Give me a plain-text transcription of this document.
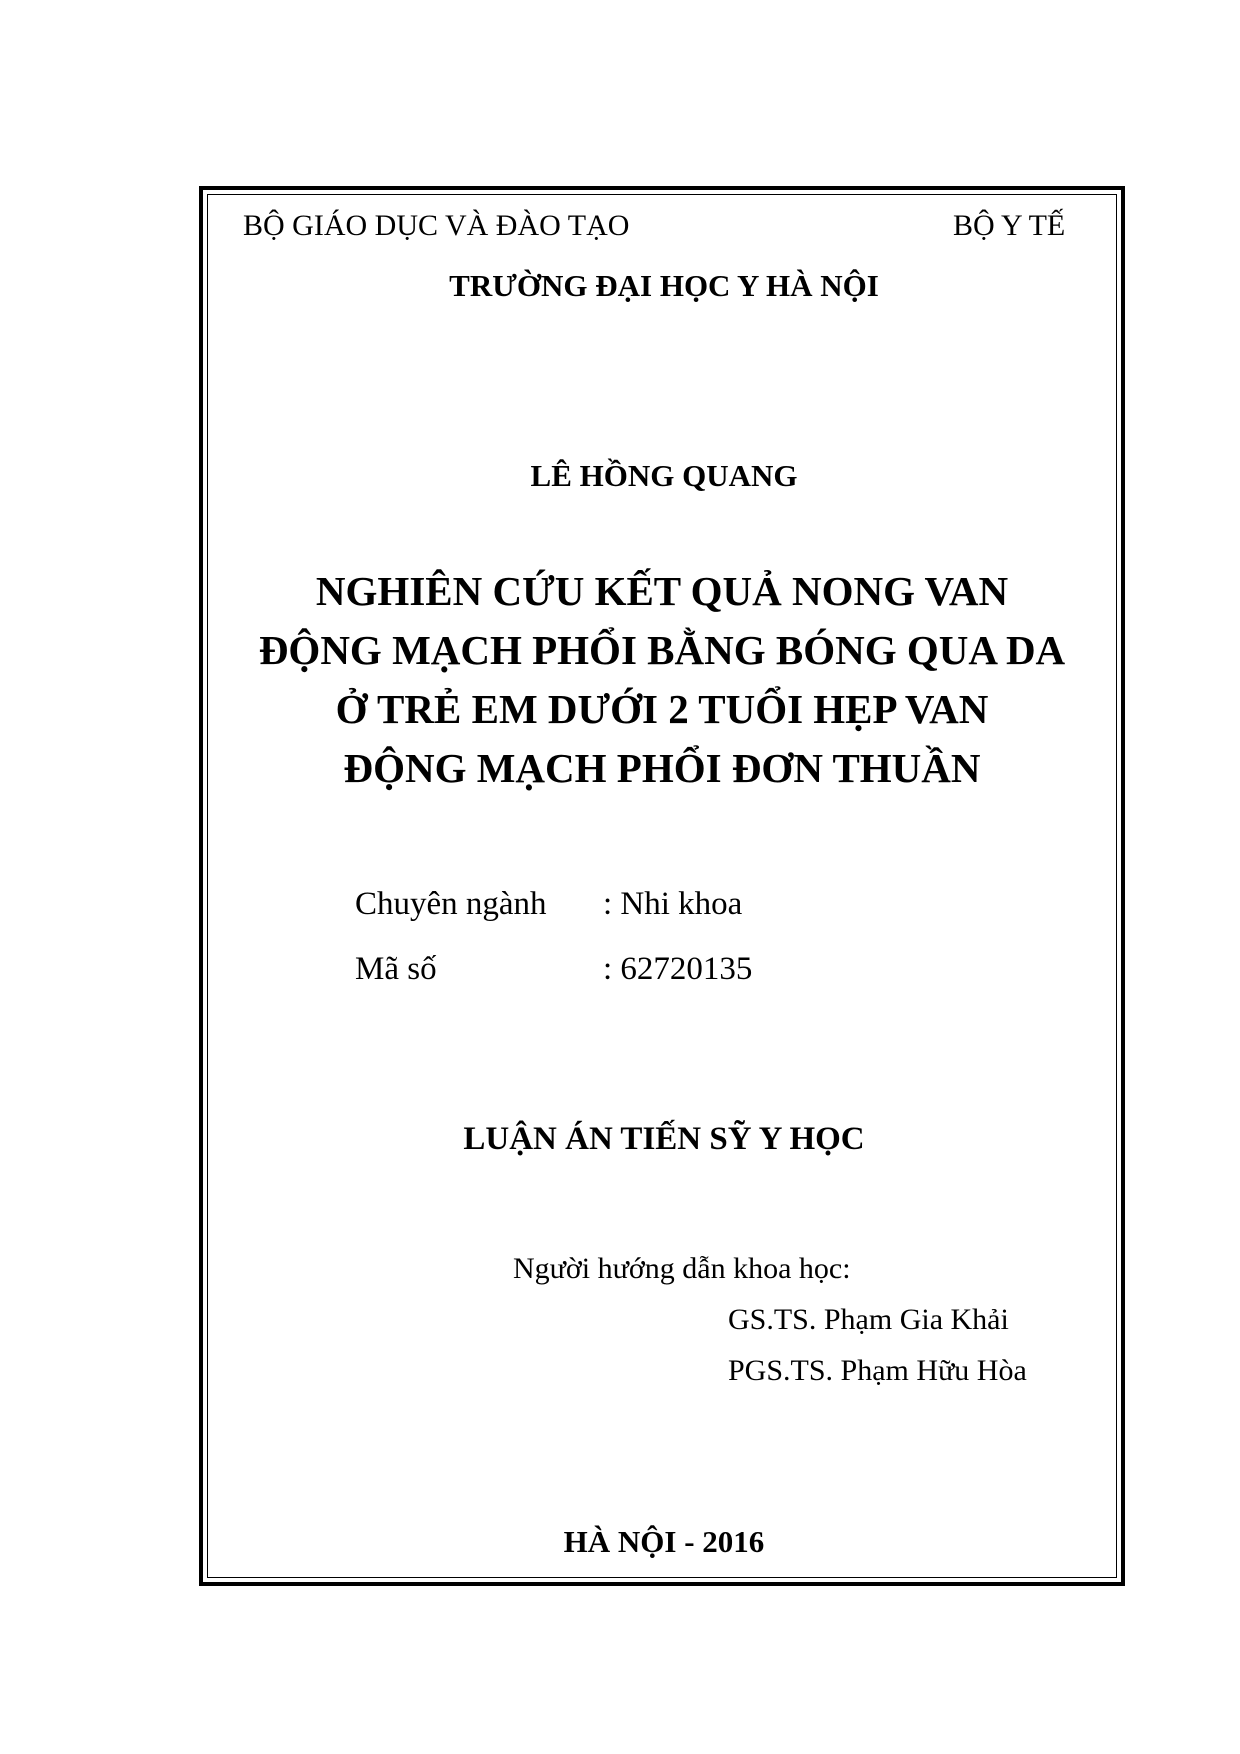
BỘ GIÁO DỤC VÀ ĐÀO TẠO	BỘ Y TẾ
TRƯỜNG ĐẠI HỌC Y HÀ NỘI
LÊ HỒNG QUANG
NGHIÊN CỨU KẾT QUẢ NONG VAN
ĐỘNG MẠCH PHỔI BẰNG BÓNG QUA DA
Ở TRẺ EM DƯỚI 2 TUỔI HẸP VAN
ĐỘNG MẠCH PHỔI ĐƠN THUẦN
Chuyên ngành : Nhi khoa
Mã số	: 62720135
LUẬN ÁN TIẾN SỸ Y HỌC
Người hướng dẫn khoa học:
GS.TS. Phạm Gia Khải
PGS.TS. Phạm Hữu Hòa
HÀ NỘI - 2016
